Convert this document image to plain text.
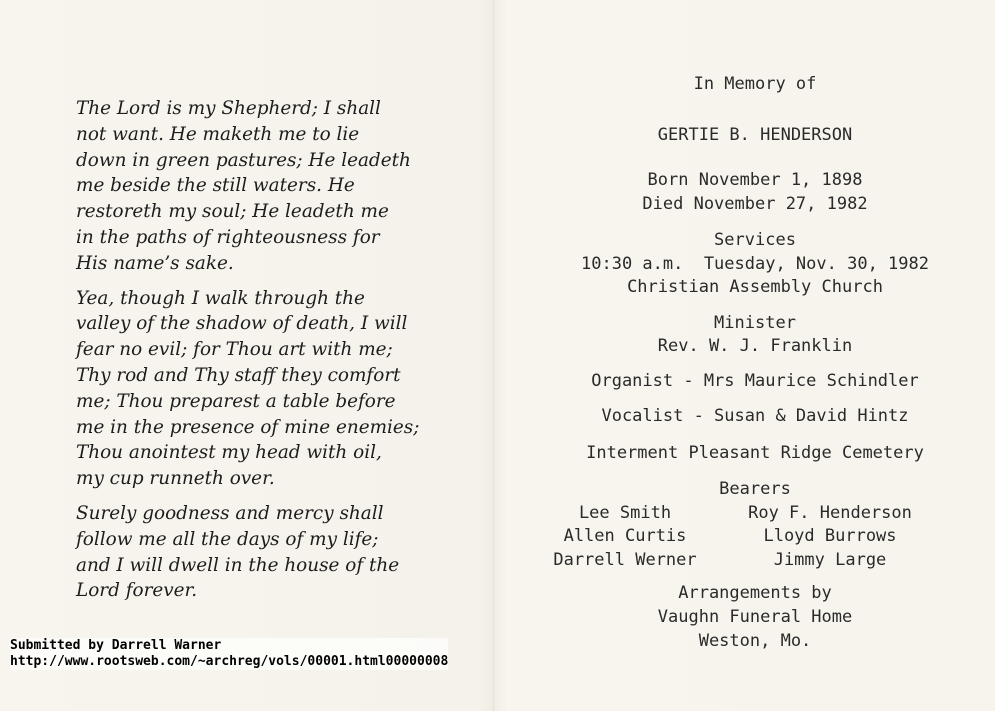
The Lord is my Shepherd; I shall
not want. He maketh me to lie
down in green pastures; He leadeth
me beside the still waters. He
restoreth my soul; He leadeth me
in the paths of righteousness for
His name’s sake.

Yea, though I walk through the
valley of the shadow of death, I will
fear no evil; for Thou art with me;
Thy rod and Thy staff they comfort
me; Thou preparest a table before
me in the presence of mine enemies;
Thou anointest my head with oil,
my cup runneth over.

Surely goodness and mercy shall
follow me all the days of my life;
and I will dwell in the house of the
Lord forever.

In Memory of
GERTIE B. HENDERSON
Born November 1, 1898
Died November 27, 1982
Services
10:30 a.m.  Tuesday, Nov. 30, 1982
Christian Assembly Church
Minister
Rev. W. J. Franklin
Organist - Mrs Maurice Schindler
Vocalist - Susan & David Hintz
Interment Pleasant Ridge Cemetery
Bearers
Lee Smith	Roy F. Henderson
Allen Curtis	Lloyd Burrows
Darrell Werner	Jimmy Large
Arrangements by
Vaughn Funeral Home
Weston, Mo.
Submitted by Darrell Warner
http://www.rootsweb.com/~archreg/vols/00001.html00000008
